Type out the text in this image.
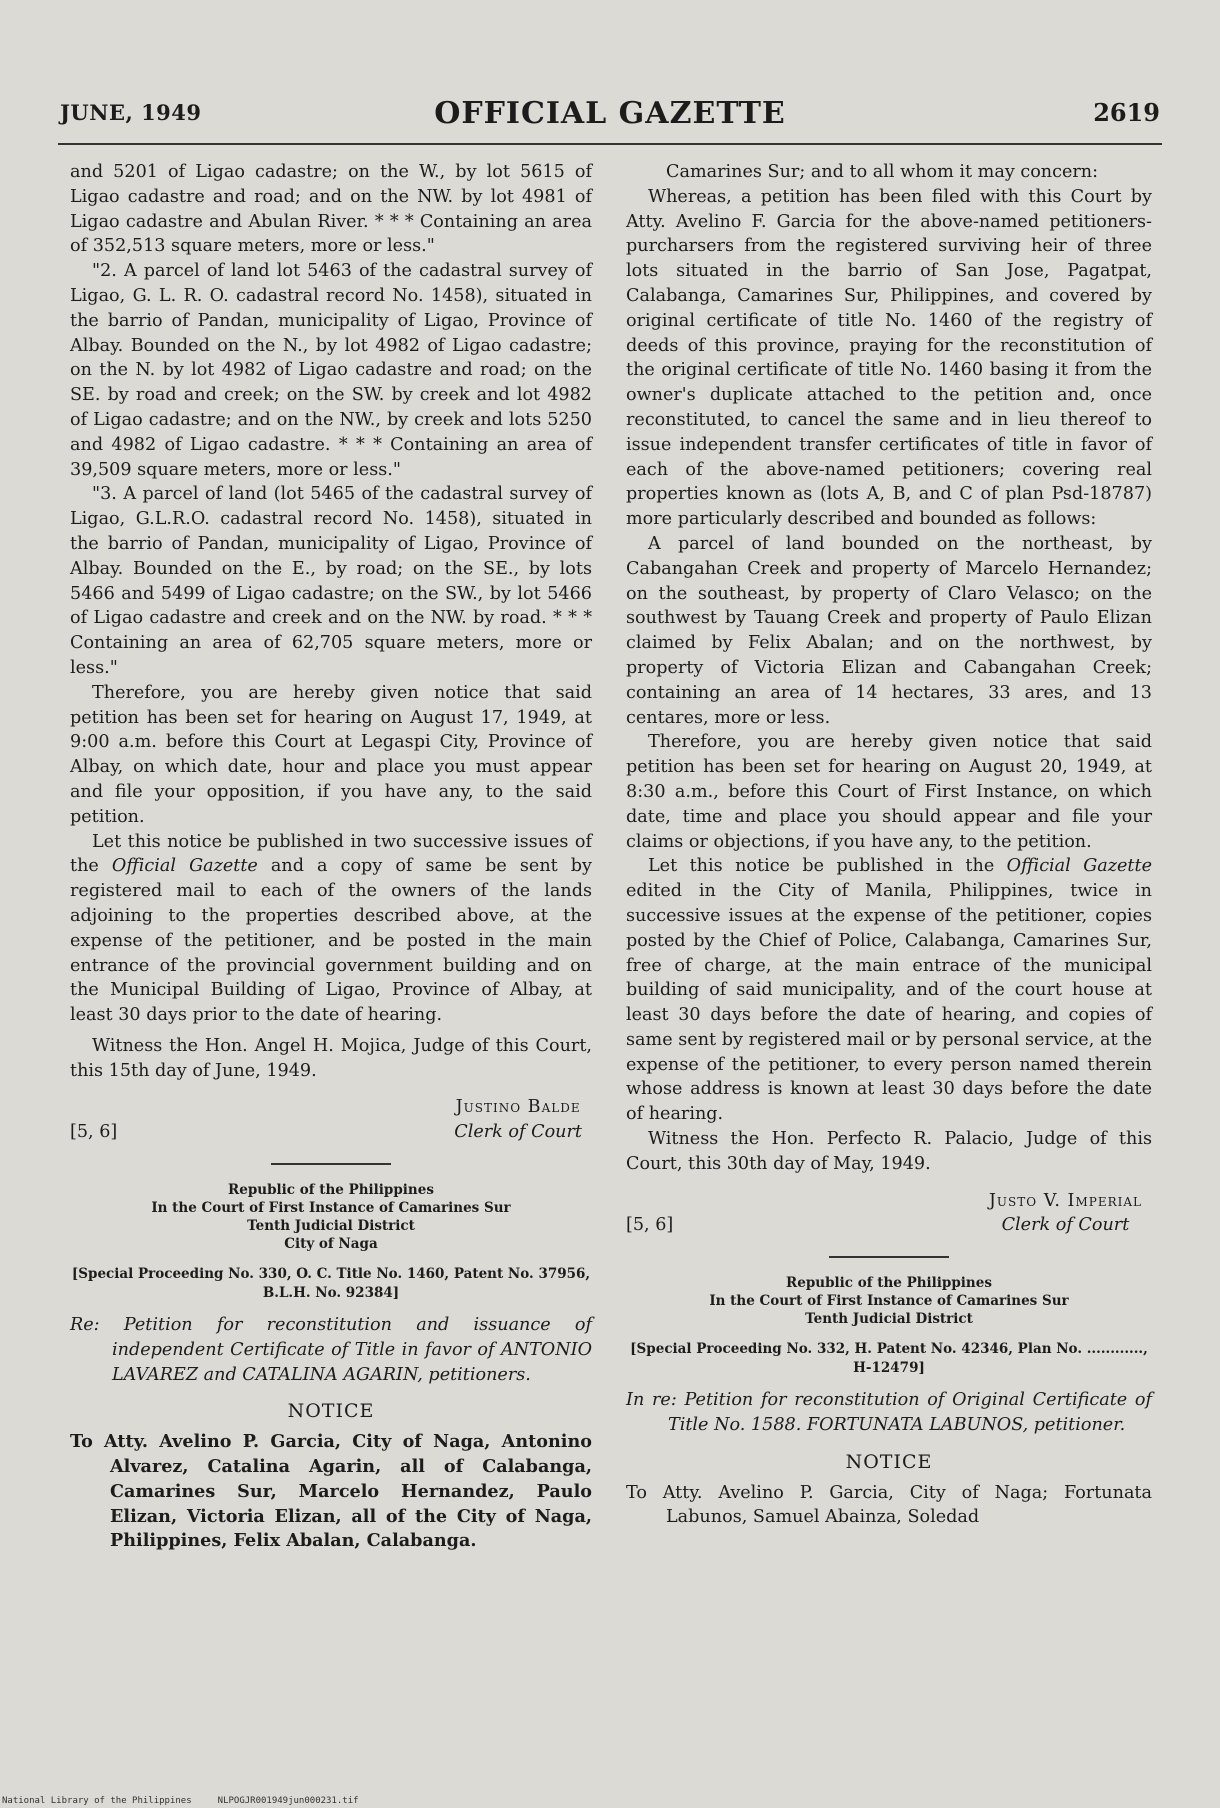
JUNE, 1949	OFFICIAL GAZETTE	2619

and 5201 of Ligao cadastre; on the W., by lot 5615 of Ligao cadastre and road; and on the NW. by lot 4981 of Ligao cadastre and Abulan River. * * * Containing an area of 352,513 square meters, more or less."

"2. A parcel of land lot 5463 of the cadastral survey of Ligao, G. L. R. O. cadastral record No. 1458), situated in the barrio of Pandan, municipality of Ligao, Province of Albay. Bounded on the N., by lot 4982 of Ligao cadastre; on the N. by lot 4982 of Ligao cadastre and road; on the SE. by road and creek; on the SW. by creek and lot 4982 of Ligao cadastre; and on the NW., by creek and lots 5250 and 4982 of Ligao cadastre. * * * Containing an area of 39,509 square meters, more or less."

"3. A parcel of land (lot 5465 of the cadastral survey of Ligao, G.L.R.O. cadastral record No. 1458), situated in the barrio of Pandan, municipality of Ligao, Province of Albay. Bounded on the E., by road; on the SE., by lots 5466 and 5499 of Ligao cadastre; on the SW., by lot 5466 of Ligao cadastre and creek and on the NW. by road. * * * Containing an area of 62,705 square meters, more or less."

Therefore, you are hereby given notice that said petition has been set for hearing on August 17, 1949, at 9:00 a.m. before this Court at Legaspi City, Province of Albay, on which date, hour and place you must appear and file your opposition, if you have any, to the said petition.

Let this notice be published in two successive issues of the Official Gazette and a copy of same be sent by registered mail to each of the owners of the lands adjoining to the properties described above, at the expense of the petitioner, and be posted in the main entrance of the provincial government building and on the Municipal Building of Ligao, Province of Albay, at least 30 days prior to the date of hearing.

Witness the Hon. Angel H. Mojica, Judge of this Court, this 15th day of June, 1949.

[5, 6]
Justino Balde
Clerk of Court
Republic of the Philippines
In the Court of First Instance of Camarines Sur
Tenth Judicial District
City of Naga
[Special Proceeding No. 330, O. C. Title No. 1460, Patent No. 37956, B.L.H. No. 92384]
Re: Petition for reconstitution and issuance of independent Certificate of Title in favor of ANTONIO LAVAREZ and CATALINA AGARIN, petitioners.
NOTICE
To Atty. Avelino P. Garcia, City of Naga, Antonino Alvarez, Catalina Agarin, all of Calabanga, Camarines Sur, Marcelo Hernandez, Paulo Elizan, Victoria Elizan, all of the City of Naga, Philippines, Felix Abalan, Calabanga.

Camarines Sur; and to all whom it may concern:

Whereas, a petition has been filed with this Court by Atty. Avelino F. Garcia for the above-named petitioners-purcharsers from the registered surviving heir of three lots situated in the barrio of San Jose, Pagatpat, Calabanga, Camarines Sur, Philippines, and covered by original certificate of title No. 1460 of the registry of deeds of this province, praying for the reconstitution of the original certificate of title No. 1460 basing it from the owner's duplicate attached to the petition and, once reconstituted, to cancel the same and in lieu thereof to issue independent transfer certificates of title in favor of each of the above-named petitioners; covering real properties known as (lots A, B, and C of plan Psd-18787) more particularly described and bounded as follows:

A parcel of land bounded on the northeast, by Cabangahan Creek and property of Marcelo Hernandez; on the southeast, by property of Claro Velasco; on the southwest by Tauang Creek and property of Paulo Elizan claimed by Felix Abalan; and on the northwest, by property of Victoria Elizan and Cabangahan Creek; containing an area of 14 hectares, 33 ares, and 13 centares, more or less.

Therefore, you are hereby given notice that said petition has been set for hearing on August 20, 1949, at 8:30 a.m., before this Court of First Instance, on which date, time and place you should appear and file your claims or objections, if you have any, to the petition.

Let this notice be published in the Official Gazette edited in the City of Manila, Philippines, twice in successive issues at the expense of the petitioner, copies posted by the Chief of Police, Calabanga, Camarines Sur, free of charge, at the main entrace of the municipal building of said municipality, and of the court house at least 30 days before the date of hearing, and copies of same sent by registered mail or by personal service, at the expense of the petitioner, to every person named therein whose address is known at least 30 days before the date of hearing.

Witness the Hon. Perfecto R. Palacio, Judge of this Court, this 30th day of May, 1949.

[5, 6]
Justo V. Imperial
Clerk of Court
Republic of the Philippines
In the Court of First Instance of Camarines Sur
Tenth Judicial District
[Special Proceeding No. 332, H. Patent No. 42346, Plan No. ............, H-12479]
In re: Petition for reconstitution of Original Certificate of Title No. 1588. FORTUNATA LABUNOS, petitioner.
NOTICE
To Atty. Avelino P. Garcia, City of Naga; Fortunata Labunos, Samuel Abainza, Soledad
National Library of the Philippines	NLPOGJR001949jun000231.tif
